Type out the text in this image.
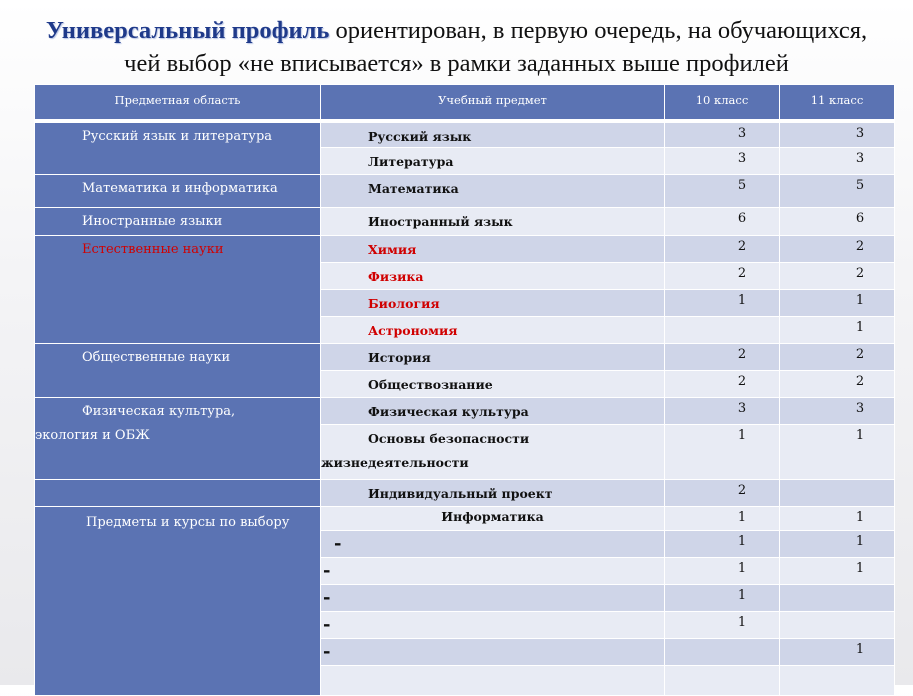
Универсальный профиль ориентирован, в первую очередь, на обучающихся,
чей выбор «не вписывается» в рамки заданных выше профилей
Предметная область	Учебный предмет	10 класс	11 класс
Русский язык и литература	Русский язык	3	3
	Литература	3	3
Математика и информатика	Математика	5	5
Иностранные языки	Иностранный язык	6	6
Естественные науки	Химия	2	2
	Физика	2	2
	Биология	1	1
	Астрономия		1
Общественные науки	История	2	2
	Обществознание	2	2
Физическая культура,
экология и ОБЖ	Физическая культура	3	3
	Основы безопасности
жизнедеятельности	1	1
	Индивидуальный проект	2	
Предметы и курсы по выбору	Информатика	1	1
	-	1	1
	-	1	1
	-	1	
	-	1	
	-		1
